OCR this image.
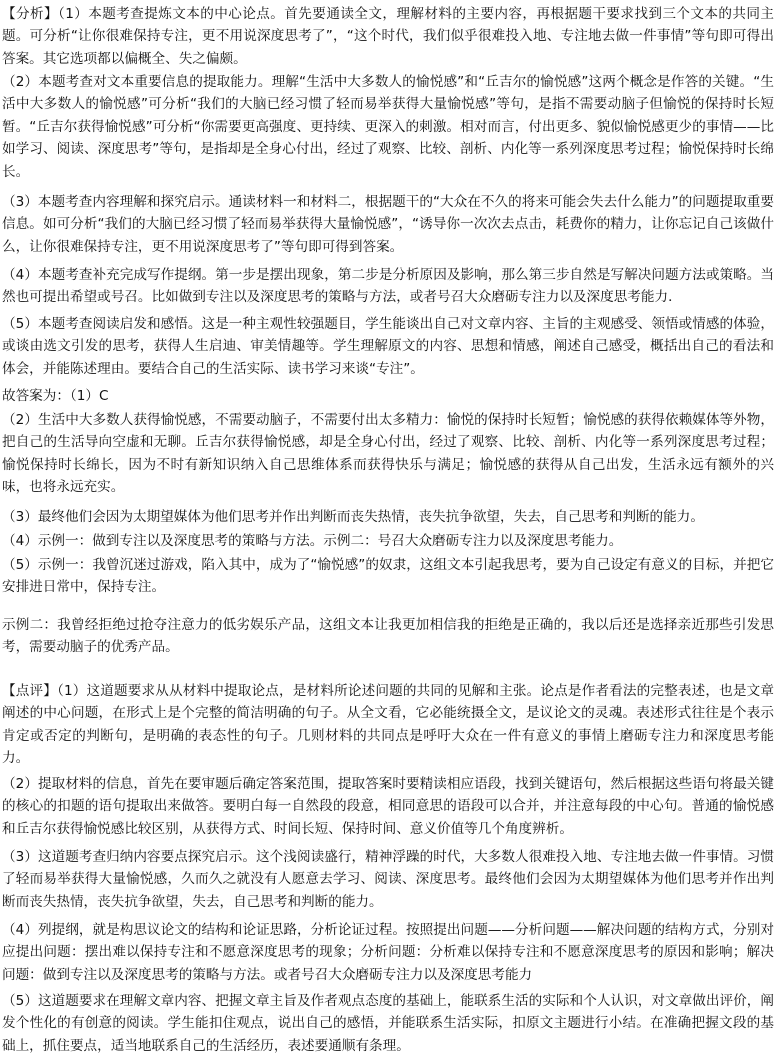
【分析】（1）本题考查提炼文本的中心论点。首先要通读全文，理解材料的主要内容，再根据题干要求找到三个文本的共同主题。可分析“让你很难保持专注，更不用说深度思考了”，“这个时代，我们似乎很难投入地、专注地去做一件事情”等句即可得出答案。其它选项都以偏概全、失之偏颇。

（2）本题考查对文本重要信息的提取能力。理解“生活中大多数人的愉悦感”和“丘吉尔的愉悦感”这两个概念是作答的关键。“生活中大多数人的愉悦感”可分析“我们的大脑已经习惯了轻而易举获得大量愉悦感”等句，是指不需要动脑子但愉悦的保持时长短暂。“丘吉尔获得愉悦感”可分析“你需要更高强度、更持续、更深入的刺激。相对而言，付出更多、貌似愉悦感更少的事情——比如学习、阅读、深度思考”等句，是指却是全身心付出，经过了观察、比较、剖析、内化等一系列深度思考过程；愉悦保持时长绵长。

（3）本题考查内容理解和探究启示。通读材料一和材料二，根据题干的“大众在不久的将来可能会失去什么能力”的问题提取重要信息。如可分析“我们的大脑已经习惯了轻而易举获得大量愉悦感”，“诱导你一次次去点击，耗费你的精力，让你忘记自己该做什么，让你很难保持专注，更不用说深度思考了”等句即可得到答案。

（4）本题考查补充完成写作提纲。第一步是摆出现象，第二步是分析原因及影响，那么第三步自然是写解决问题方法或策略。当然也可提出希望或号召。比如做到专注以及深度思考的策略与方法，或者号召大众磨砺专注力以及深度思考能力．

（5）本题考查阅读启发和感悟。这是一种主观性较强题目，学生能谈出自己对文章内容、主旨的主观感受、领悟或情感的体验，或谈由选文引发的思考，获得人生启迪、审美情趣等。学生理解原文的内容、思想和情感，阐述自己感受，概括出自己的看法和体会，并能陈述理由。要结合自己的生活实际、读书学习来谈“专注”。

故答案为：（1）C

（2）生活中大多数人获得愉悦感，不需要动脑子，不需要付出太多精力：愉悦的保持时长短暂；愉悦感的获得依赖媒体等外物，把自己的生活导向空虚和无聊。丘吉尔获得愉悦感，却是全身心付出，经过了观察、比较、剖析、内化等一系列深度思考过程；愉悦保持时长绵长，因为不时有新知识纳入自己思维体系而获得快乐与满足；愉悦感的获得从自己出发，生活永远有额外的兴味，也将永远充实。

（3）最终他们会因为太期望媒体为他们思考并作出判断而丧失热情，丧失抗争欲望，失去，自己思考和判断的能力。

（4）示例一：做到专注以及深度思考的策略与方法。示例二：号召大众磨砺专注力以及深度思考能力。

（5）示例一：我曾沉迷过游戏，陷入其中，成为了“愉悦感”的奴隶，这组文本引起我思考，要为自己设定有意义的目标，并把它安排进日常中，保持专注。

示例二：我曾经拒绝过抢夺注意力的低劣娱乐产品，这组文本让我更加相信我的拒绝是正确的，我以后还是选择亲近那些引发思考，需要动脑子的优秀产品。

【点评】（1）这道题要求从从材料中提取论点，是材料所论述问题的共同的见解和主张。论点是作者看法的完整表述，也是文章阐述的中心问题，在形式上是个完整的简洁明确的句子。从全文看，它必能统摄全文，是议论文的灵魂。表述形式往往是个表示肯定或否定的判断句，是明确的表态性的句子。几则材料的共同点是呼吁大众在一件有意义的事情上磨砺专注力和深度思考能力。

（2）提取材料的信息，首先在要审题后确定答案范围，提取答案时要精读相应语段，找到关键语句，然后根据这些语句将最关键的核心的扣题的语句提取出来做答。要明白每一自然段的段意，相同意思的语段可以合并，并注意每段的中心句。普通的愉悦感和丘吉尔获得愉悦感比较区别，从获得方式、时间长短、保持时间、意义价值等几个角度辨析。

（3）这道题考查归纳内容要点探究启示。这个浅阅读盛行，精神浮躁的时代，大多数人很难投入地、专注地去做一件事情。习惯了轻而易举获得大量愉悦感，久而久之就没有人愿意去学习、阅读、深度思考。最终他们会因为太期望媒体为他们思考并作出判断而丧失热情，丧失抗争欲望，失去，自己思考和判断的能力。

（4）列提纲，就是构思议论文的结构和论证思路，分析论证过程。按照提出问题——分析问题——解决问题的结构方式，分别对应提出问题：摆出难以保持专注和不愿意深度思考的现象；分析问题：分析难以保持专注和不愿意深度思考的原因和影响；解决问题：做到专注以及深度思考的策略与方法。或者号召大众磨砺专注力以及深度思考能力

（5）这道题要求在理解文章内容、把握文章主旨及作者观点态度的基础上，能联系生活的实际和个人认识，对文章做出评价，阐发个性化的有创意的阅读。学生能扣住观点，说出自己的感悟，并能联系生活实际，扣原文主题进行小结。在准确把握文段的基础上，抓住要点，适当地联系自己的生活经历，表述要通顺有条理。
